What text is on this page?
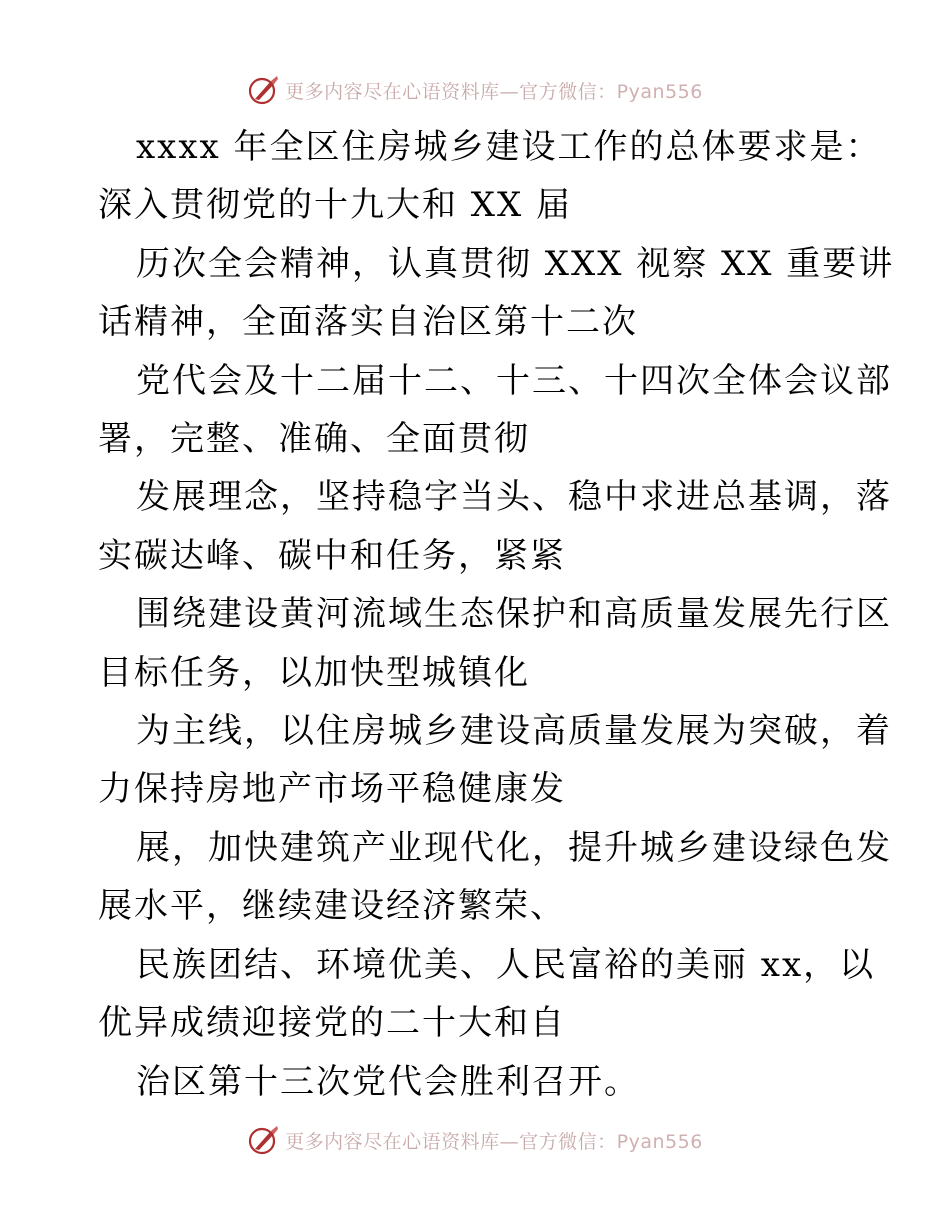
更多内容尽在心语资料库—官方微信：Pyan556

xxxx 年全区住房城乡建设工作的总体要求是：
深入贯彻党的十九大和 XX 届

历次全会精神，认真贯彻 XXX 视察 XX 重要讲
话精神，全面落实自治区第十二次

党代会及十二届十二、十三、十四次全体会议部
署，完整、准确、全面贯彻

发展理念，坚持稳字当头、稳中求进总基调，落
实碳达峰、碳中和任务，紧紧

围绕建设黄河流域生态保护和高质量发展先行区
目标任务，以加快型城镇化

为主线，以住房城乡建设高质量发展为突破，着
力保持房地产市场平稳健康发

展，加快建筑产业现代化，提升城乡建设绿色发
展水平，继续建设经济繁荣、

民族团结、环境优美、人民富裕的美丽 xx，以
优异成绩迎接党的二十大和自

治区第十三次党代会胜利召开。

更多内容尽在心语资料库—官方微信：Pyan556
